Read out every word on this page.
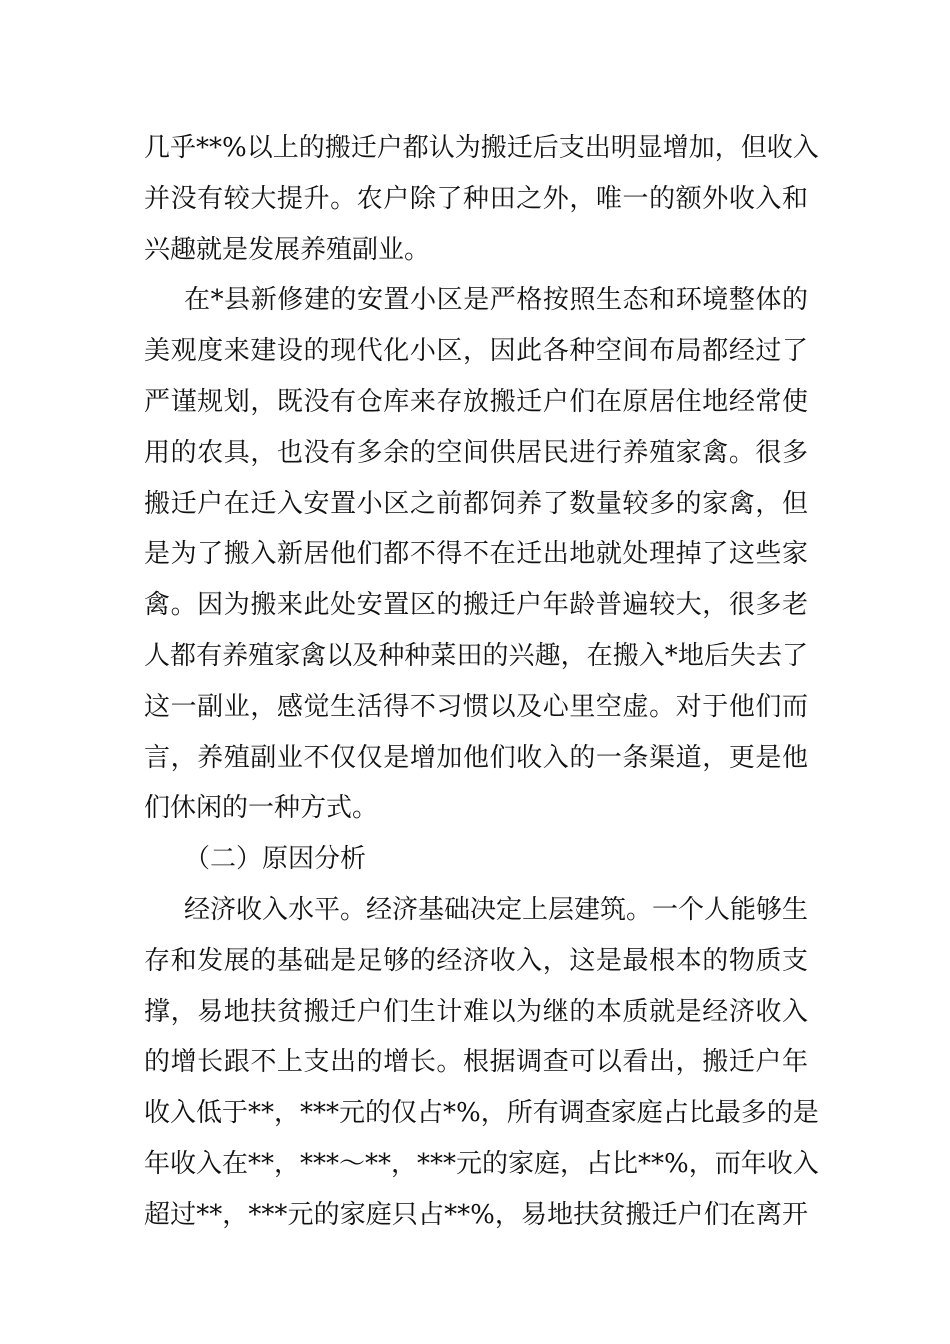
几乎**%以上的搬迁户都认为搬迁后支出明显增加，但收入
并没有较大提升。农户除了种田之外，唯一的额外收入和
兴趣就是发展养殖副业。
在*县新修建的安置小区是严格按照生态和环境整体的
美观度来建设的现代化小区，因此各种空间布局都经过了
严谨规划，既没有仓库来存放搬迁户们在原居住地经常使
用的农具，也没有多余的空间供居民进行养殖家禽。很多
搬迁户在迁入安置小区之前都饲养了数量较多的家禽，但
是为了搬入新居他们都不得不在迁出地就处理掉了这些家
禽。因为搬来此处安置区的搬迁户年龄普遍较大，很多老
人都有养殖家禽以及种种菜田的兴趣，在搬入*地后失去了
这一副业，感觉生活得不习惯以及心里空虚。对于他们而
言，养殖副业不仅仅是增加他们收入的一条渠道，更是他
们休闲的一种方式。
（二）原因分析
经济收入水平。经济基础决定上层建筑。一个人能够生
存和发展的基础是足够的经济收入，这是最根本的物质支
撑，易地扶贫搬迁户们生计难以为继的本质就是经济收入
的增长跟不上支出的增长。根据调查可以看出，搬迁户年
收入低于**，***元的仅占*%，所有调查家庭占比最多的是
年收入在**，***～**，***元的家庭，占比**%，而年收入
超过**，***元的家庭只占**%，易地扶贫搬迁户们在离开
